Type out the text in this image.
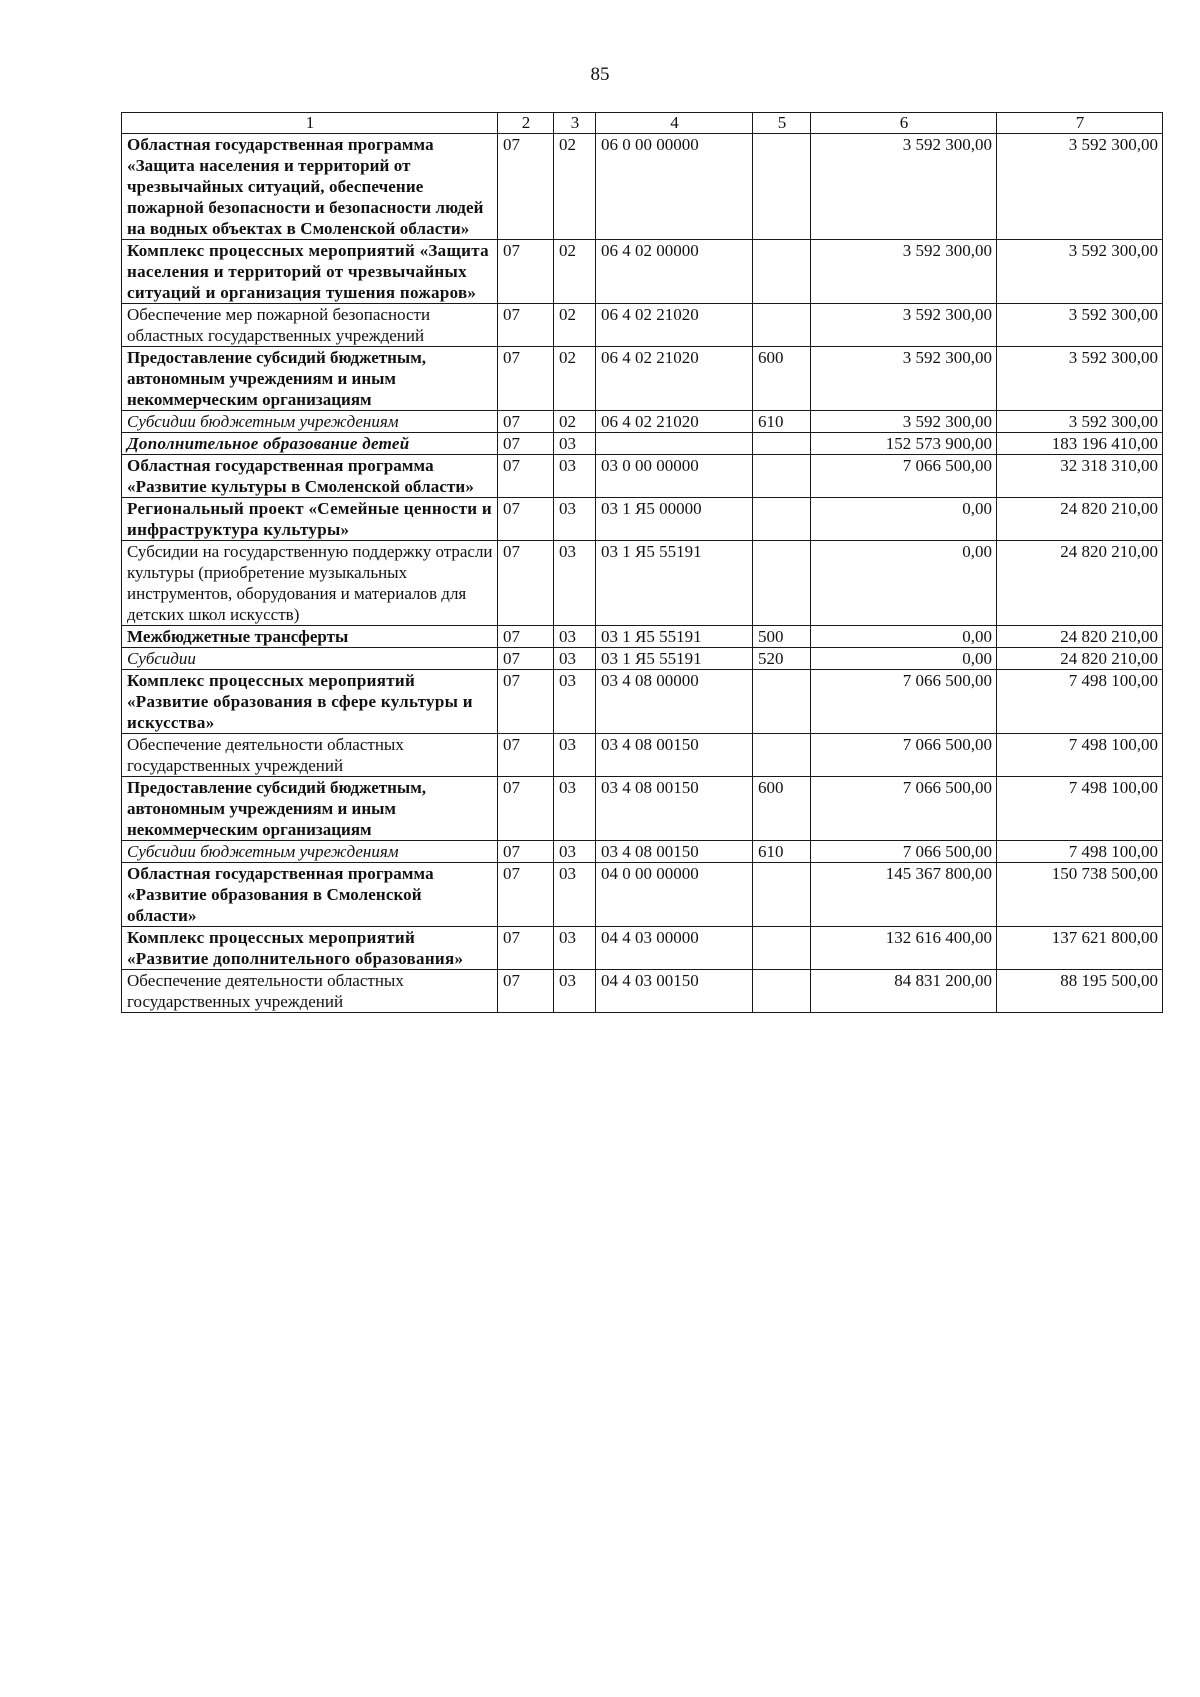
85
1	2	3	4	5	6	7
Областная государственная программа «Защита населения и территорий от чрезвычайных ситуаций, обеспечение пожарной безопасности и безопасности людей на водных объектах в Смоленской области»	07	02	06 0 00 00000		3 592 300,00	3 592 300,00
Комплекс процессных мероприятий «Защита населения и территорий от чрезвычайных ситуаций и организация тушения пожаров»	07	02	06 4 02 00000		3 592 300,00	3 592 300,00
Обеспечение мер пожарной безопасности областных государственных учреждений	07	02	06 4 02 21020		3 592 300,00	3 592 300,00
Предоставление субсидий бюджетным, автономным учреждениям и иным некоммерческим организациям	07	02	06 4 02 21020	600	3 592 300,00	3 592 300,00
Субсидии бюджетным учреждениям	07	02	06 4 02 21020	610	3 592 300,00	3 592 300,00
Дополнительное образование детей	07	03			152 573 900,00	183 196 410,00
Областная государственная программа «Развитие культуры в Смоленской области»	07	03	03 0 00 00000		7 066 500,00	32 318 310,00
Региональный проект «Семейные ценности и инфраструктура культуры»	07	03	03 1 Я5 00000		0,00	24 820 210,00
Субсидии на государственную поддержку отрасли культуры (приобретение музыкальных инструментов, оборудования и материалов для детских школ искусств)	07	03	03 1 Я5 55191		0,00	24 820 210,00
Межбюджетные трансферты	07	03	03 1 Я5 55191	500	0,00	24 820 210,00
Субсидии	07	03	03 1 Я5 55191	520	0,00	24 820 210,00
Комплекс процессных мероприятий «Развитие образования в сфере культуры и искусства»	07	03	03 4 08 00000		7 066 500,00	7 498 100,00
Обеспечение деятельности областных государственных учреждений	07	03	03 4 08 00150		7 066 500,00	7 498 100,00
Предоставление субсидий бюджетным, автономным учреждениям и иным некоммерческим организациям	07	03	03 4 08 00150	600	7 066 500,00	7 498 100,00
Субсидии бюджетным учреждениям	07	03	03 4 08 00150	610	7 066 500,00	7 498 100,00
Областная государственная программа «Развитие образования в Смоленской области»	07	03	04 0 00 00000		145 367 800,00	150 738 500,00
Комплекс процессных мероприятий «Развитие дополнительного образования»	07	03	04 4 03 00000		132 616 400,00	137 621 800,00
Обеспечение деятельности областных государственных учреждений	07	03	04 4 03 00150		84 831 200,00	88 195 500,00
